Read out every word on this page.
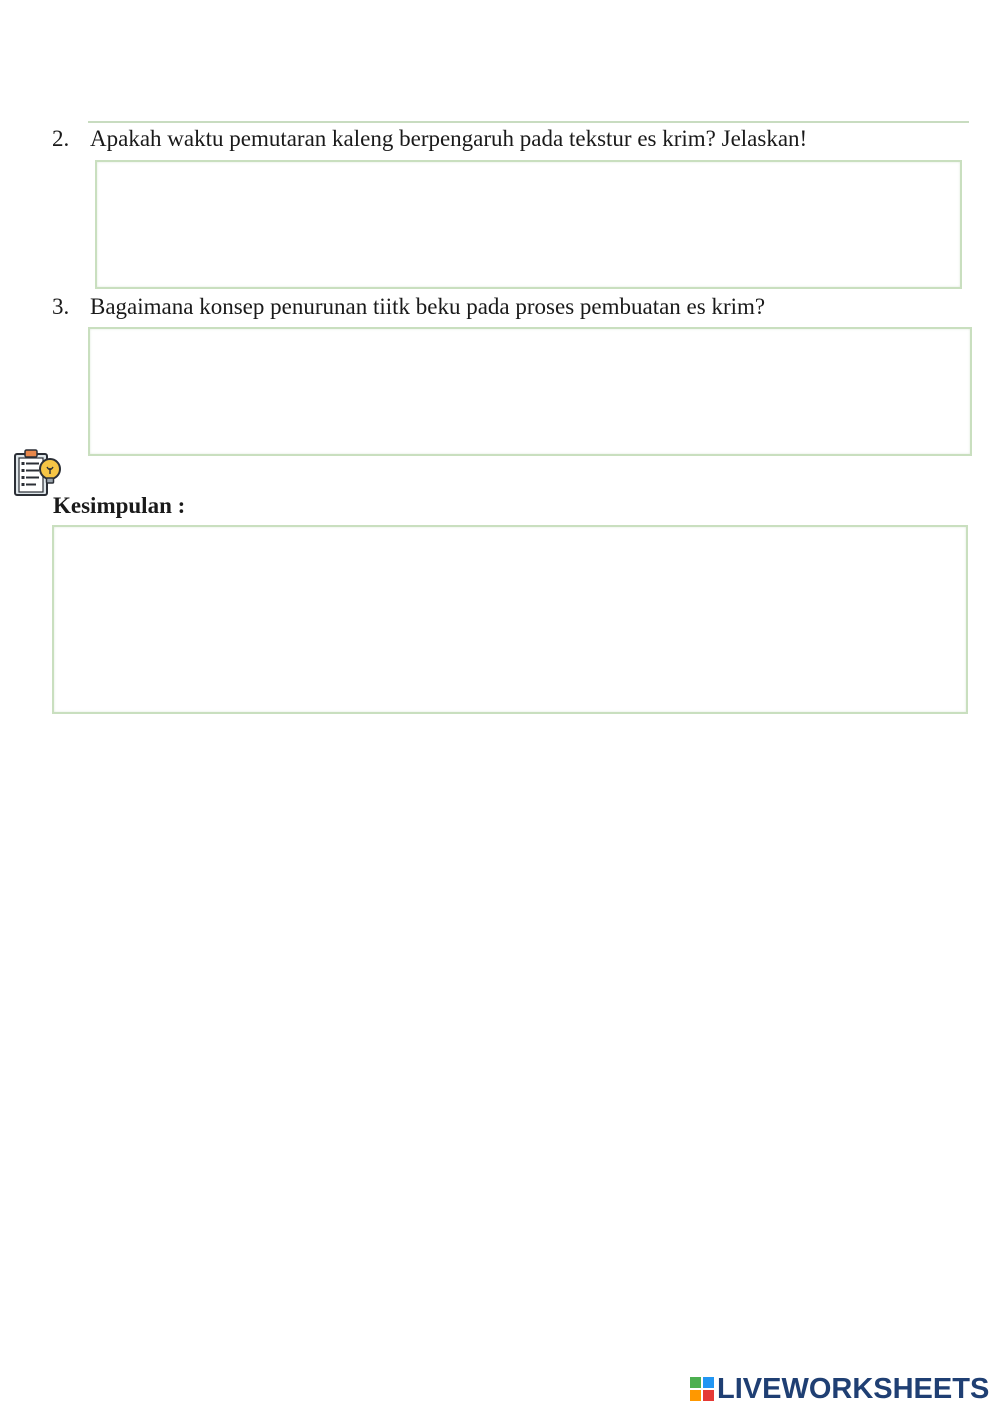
2. Apakah waktu pemutaran kaleng berpengaruh pada tekstur es krim? Jelaskan!
3. Bagaimana konsep penurunan tiitk beku pada proses pembuatan es krim?
Kesimpulan :
LIVEWORKSHEETS
